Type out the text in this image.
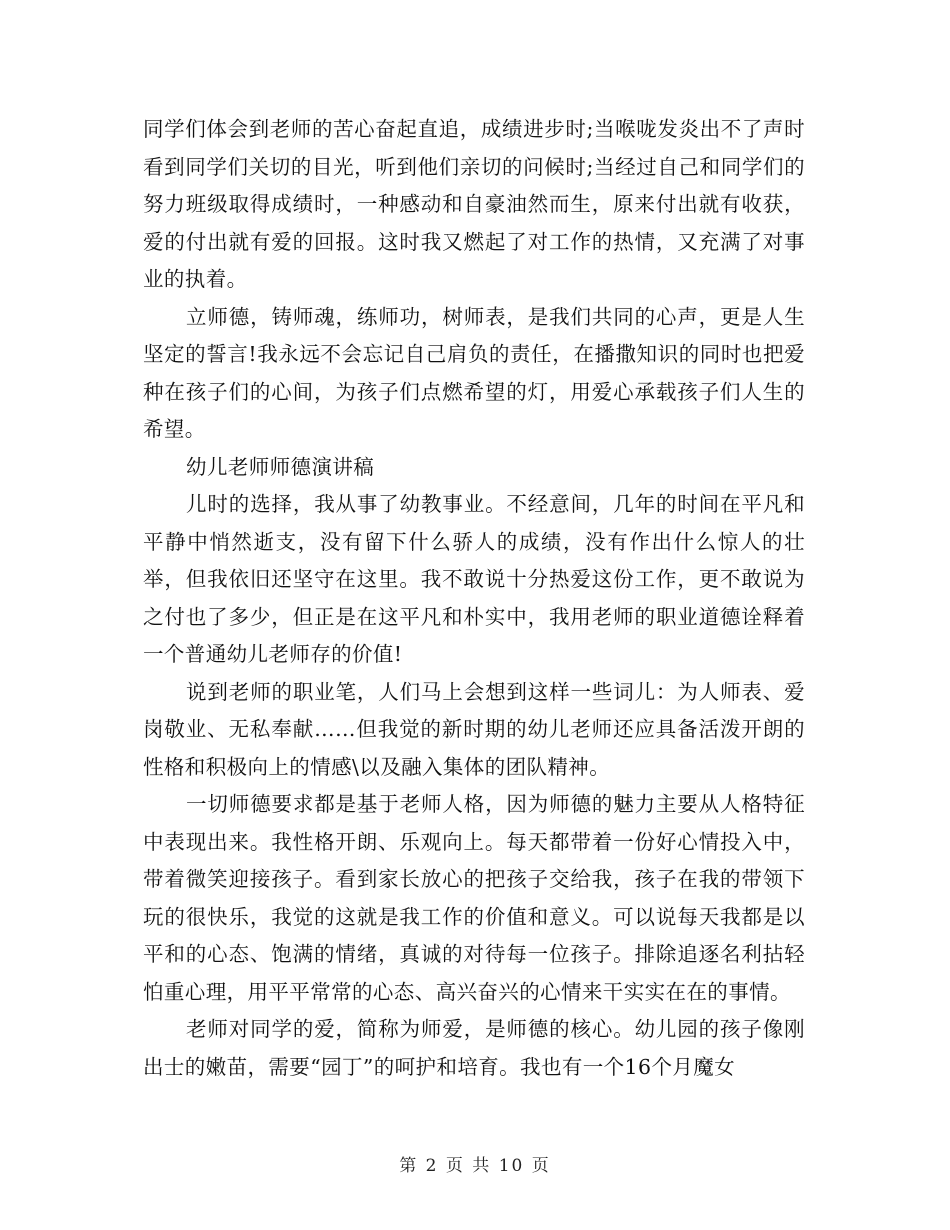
同学们体会到老师的苦心奋起直追，成绩进步时;当喉咙发炎出不了声时看到同学们关切的目光，听到他们亲切的问候时;当经过自己和同学们的努力班级取得成绩时，一种感动和自豪油然而生，原来付出就有收获，爱的付出就有爱的回报。这时我又燃起了对工作的热情，又充满了对事业的执着。

立师德，铸师魂，练师功，树师表，是我们共同的心声，更是人生坚定的誓言!我永远不会忘记自己肩负的责任，在播撒知识的同时也把爱种在孩子们的心间，为孩子们点燃希望的灯，用爱心承载孩子们人生的希望。

幼儿老师师德演讲稿

儿时的选择，我从事了幼教事业。不经意间，几年的时间在平凡和平静中悄然逝支，没有留下什么骄人的成绩，没有作出什么惊人的壮举，但我依旧还坚守在这里。我不敢说十分热爱这份工作，更不敢说为之付也了多少，但正是在这平凡和朴实中，我用老师的职业道德诠释着一个普通幼儿老师存的价值!

说到老师的职业笔，人们马上会想到这样一些词儿：为人师表、爱岗敬业、无私奉献……但我觉的新时期的幼儿老师还应具备活泼开朗的性格和积极向上的情感\以及融入集体的团队精神。

一切师德要求都是基于老师人格，因为师德的魅力主要从人格特征中表现出来。我性格开朗、乐观向上。每天都带着一份好心情投入中，带着微笑迎接孩子。看到家长放心的把孩子交给我，孩子在我的带领下玩的很快乐，我觉的这就是我工作的价值和意义。可以说每天我都是以平和的心态、饱满的情绪，真诚的对待每一位孩子。排除追逐名利拈轻怕重心理，用平平常常的心态、高兴奋兴的心情来干实实在在的事情。

老师对同学的爱，简称为师爱，是师德的核心。幼儿园的孩子像刚出士的嫩苗，需要“园丁”的呵护和培育。我也有一个16个月魔女

第 2 页 共 10 页
